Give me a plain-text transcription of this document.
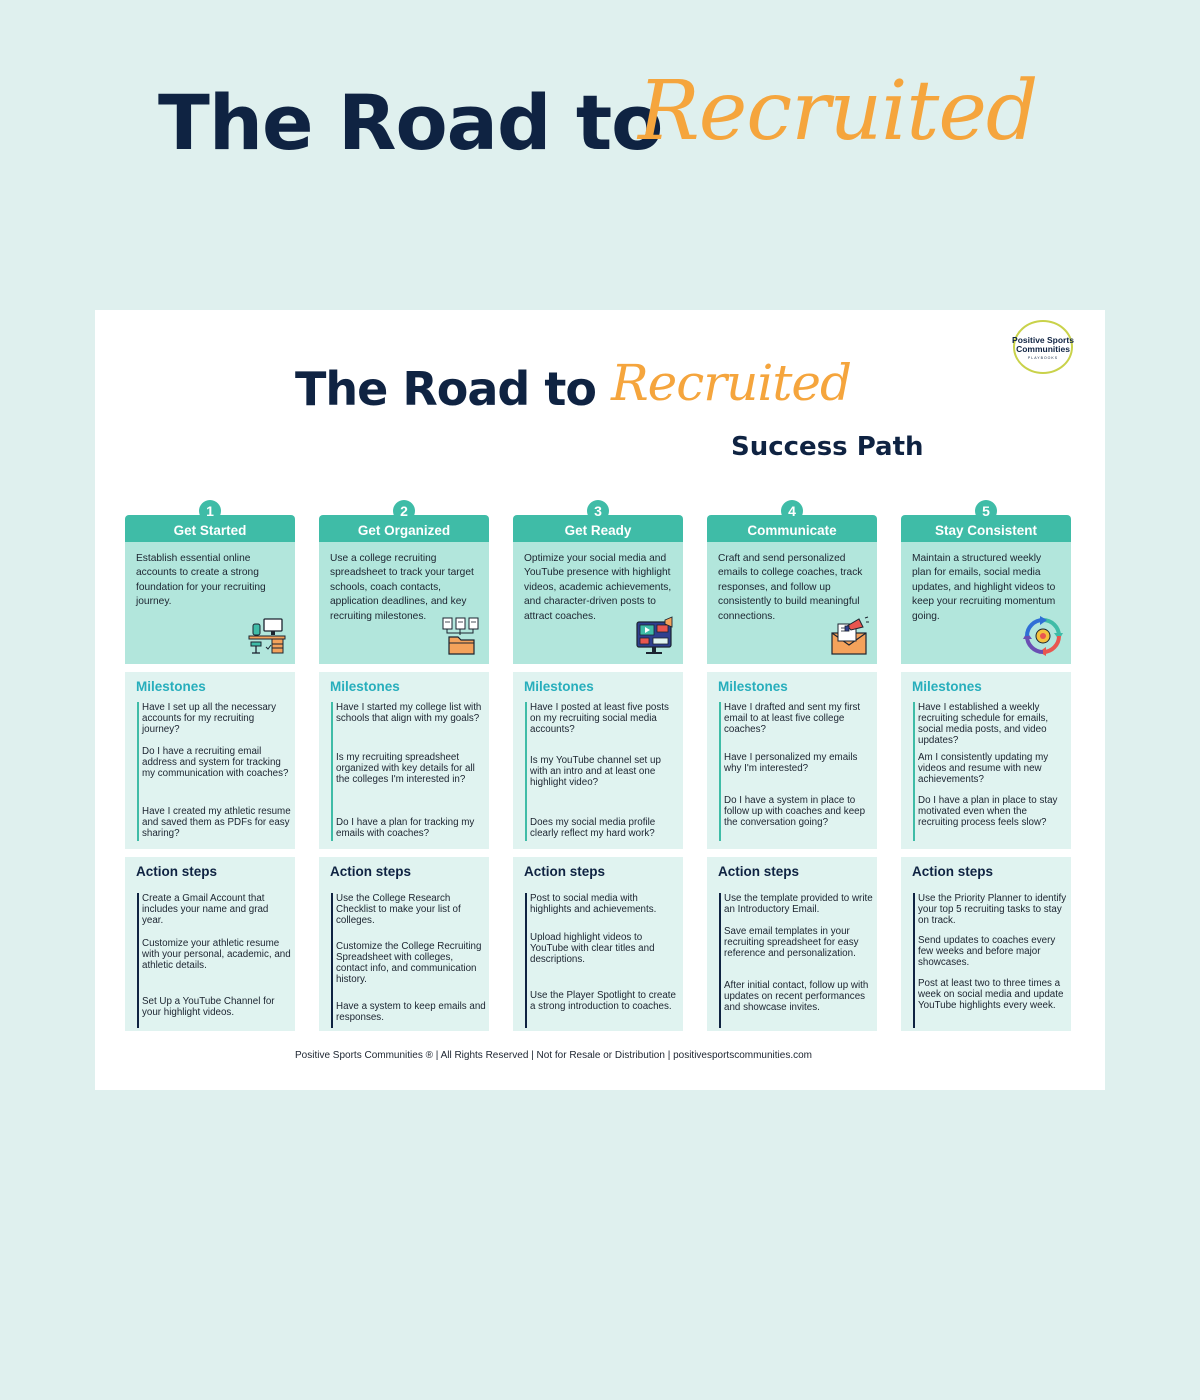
The Road to
Recruited
Positive Sports Communities
PLAYBOOKS
The Road to Recruited
Success Path
Get Started
1
Establish essential online accounts to create a strong foundation for your recruiting journey.
Milestones
Have I set up all the necessary accounts for my recruiting journey?
Do I have a recruiting email address and system for tracking my communication with coaches?
Have I created my athletic resume and saved them as PDFs for easy sharing?
Action steps
Create a Gmail Account that includes your name and grad year.
Customize your athletic resume with your personal, academic, and athletic details.
Set Up a YouTube Channel for your highlight videos.
Get Organized
2
Use a college recruiting spreadsheet to track your target schools, coach contacts, application deadlines, and key recruiting milestones.
Milestones
Have I started my college list with schools that align with my goals?
Is my recruiting spreadsheet organized with key details for all the colleges I'm interested in?
Do I have a plan for tracking my emails with coaches?
Action steps
Use the College Research Checklist to make your list of colleges.
Customize the College Recruiting Spreadsheet with colleges, contact info, and communication history.
Have a system to keep emails and responses.
Get Ready
3
Optimize your social media and YouTube presence with highlight videos, academic achievements, and character-driven posts to attract coaches.
Milestones
Have I posted at least five posts on my recruiting social media accounts?
Is my YouTube channel set up with an intro and at least one highlight video?
Does my social media profile clearly reflect my hard work?
Action steps
Post to social media with highlights and achievements.
Upload highlight videos to YouTube with clear titles and descriptions.
Use the Player Spotlight to create a strong introduction to coaches.
Communicate
4
Craft and send personalized emails to college coaches, track responses, and follow up consistently to build meaningful connections.
Milestones
Have I drafted and sent my first email to at least five college coaches?
Have I personalized my emails why I'm interested?
Do I have a system in place to follow up with coaches and keep the conversation going?
Action steps
Use the template provided to write an Introductory Email.
Save email templates in your recruiting spreadsheet for easy reference and personalization.
After initial contact, follow up with updates on recent performances and showcase invites.
Stay Consistent
5
Maintain a structured weekly plan for emails, social media updates, and highlight videos to keep your recruiting momentum going.
Milestones
Have I established a weekly recruiting schedule for emails, social media posts, and video updates?
Am I consistently updating my videos and resume with new achievements?
Do I have a plan in place to stay motivated even when the recruiting process feels slow?
Action steps
Use the Priority Planner to identify your top 5 recruiting tasks to stay on track.
Send updates to coaches every few weeks and before major showcases.
Post at least two to three times a week on social media and update YouTube highlights every week.
Positive Sports Communities ® | All Rights Reserved | Not for Resale or Distribution | positivesportscommunities.com
